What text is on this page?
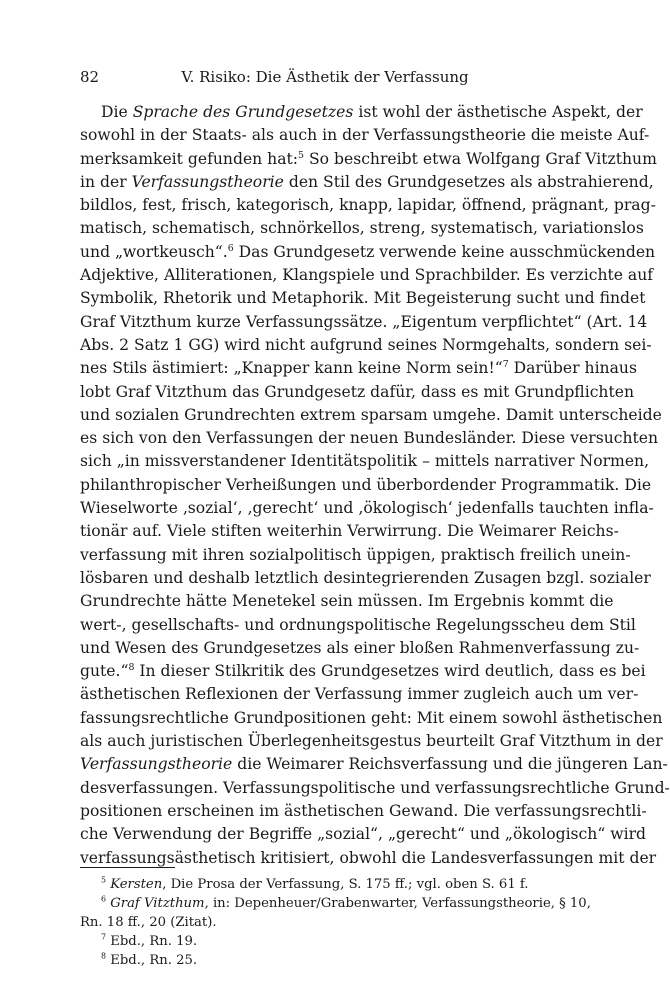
82	V. Risiko: Die Ästhetik der Verfassung
Die Sprache des Grundgesetzes ist wohl der ästhetische Aspekt, der
sowohl in der Staats- als auch in der Verfassungstheorie die meiste Auf-
merksamkeit gefunden hat:$^5$ So beschreibt etwa Wolfgang Graf Vitzthum
in der Verfassungstheorie den Stil des Grundgesetzes als abstrahierend,
bildlos, fest, frisch, kategorisch, knapp, lapidar, öffnend, prägnant, prag-
matisch, schematisch, schnörkellos, streng, systematisch, variationslos
und „wortkeusch“.$^6$ Das Grundgesetz verwende keine ausschmückenden
Adjektive, Alliterationen, Klangspiele und Sprachbilder. Es verzichte auf
Symbolik, Rhetorik und Metaphorik. Mit Begeisterung sucht und findet
Graf Vitzthum kurze Verfassungssätze. „Eigentum verpflichtet“ (Art. 14
Abs. 2 Satz 1 GG) wird nicht aufgrund seines Normgehalts, sondern sei-
nes Stils ästimiert: „Knapper kann keine Norm sein!“$^7$ Darüber hinaus
lobt Graf Vitzthum das Grundgesetz dafür, dass es mit Grundpflichten
und sozialen Grundrechten extrem sparsam umgehe. Damit unterscheide
es sich von den Verfassungen der neuen Bundesländer. Diese versuchten
sich „in missverstandener Identitätspolitik – mittels narrativer Normen,
philanthropischer Verheißungen und überbordender Programmatik. Die
Wieselworte ‚sozial‘, ‚gerecht‘ und ‚ökologisch‘ jedenfalls tauchten infla-
tionär auf. Viele stiften weiterhin Verwirrung. Die Weimarer Reichs-
verfassung mit ihren sozialpolitisch üppigen, praktisch freilich unein-
lösbaren und deshalb letztlich desintegrierenden Zusagen bzgl. sozialer
Grundrechte hätte Menetekel sein müssen. Im Ergebnis kommt die
wert-, gesellschafts- und ordnungspolitische Regelungsscheu dem Stil
und Wesen des Grundgesetzes als einer bloßen Rahmenverfassung zu-
gute.“$^8$ In dieser Stilkritik des Grundgesetzes wird deutlich, dass es bei
ästhetischen Reflexionen der Verfassung immer zugleich auch um ver-
fassungsrechtliche Grundpositionen geht: Mit einem sowohl ästhetischen
als auch juristischen Überlegenheitsgestus beurteilt Graf Vitzthum in der
Verfassungstheorie die Weimarer Reichsverfassung und die jüngeren Lan-
desverfassungen. Verfassungspolitische und verfassungsrechtliche Grund-
positionen erscheinen im ästhetischen Gewand. Die verfassungsrechtli-
che Verwendung der Begriffe „sozial“, „gerecht“ und „ökologisch“ wird
verfassungsästhetisch kritisiert, obwohl die Landesverfassungen mit der
$^5$ Kersten, Die Prosa der Verfassung, S. 175 ff.; vgl. oben S. 61 f.
$^6$ Graf Vitzthum, in: Depenheuer/Grabenwarter, Verfassungstheorie, § 10,
Rn. 18 ff., 20 (Zitat).
$^7$ Ebd., Rn. 19.
$^8$ Ebd., Rn. 25.
